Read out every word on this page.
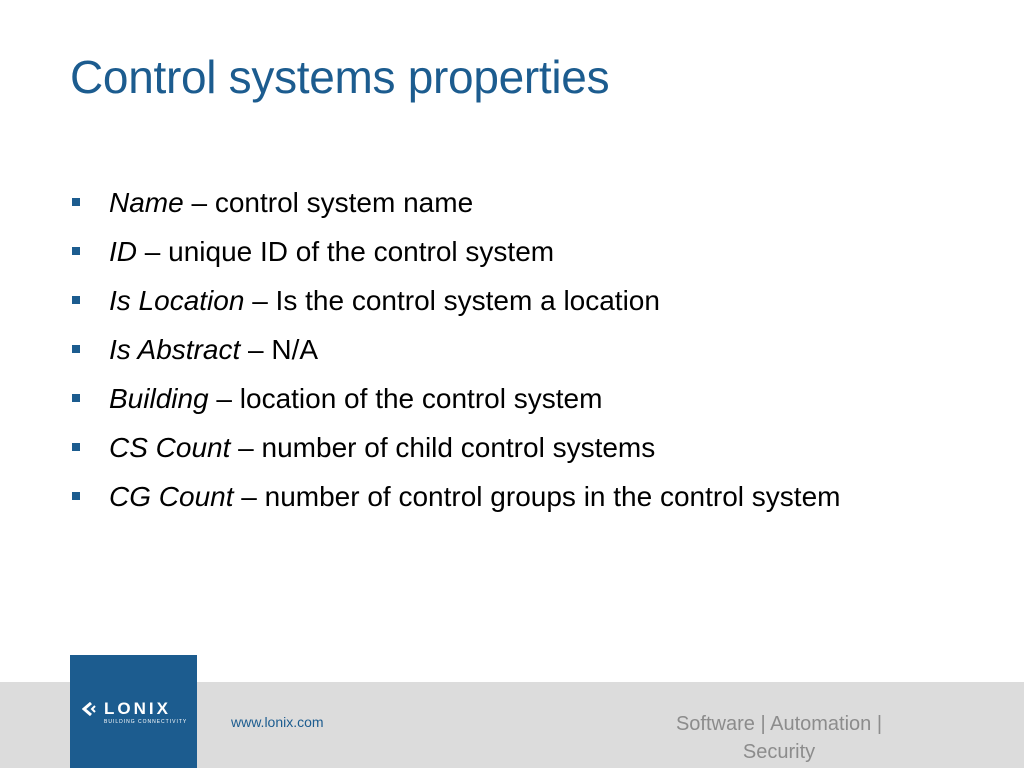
Control systems properties
Name – control system name
ID – unique ID of the control system
Is Location – Is the control system a location
Is Abstract – N/A
Building – location of the control system
CS Count – number of child control systems
CG Count – number of control groups in the control system
LONIX
BUILDING CONNECTIVITY	www.lonix.com	Software | Automation | Security
